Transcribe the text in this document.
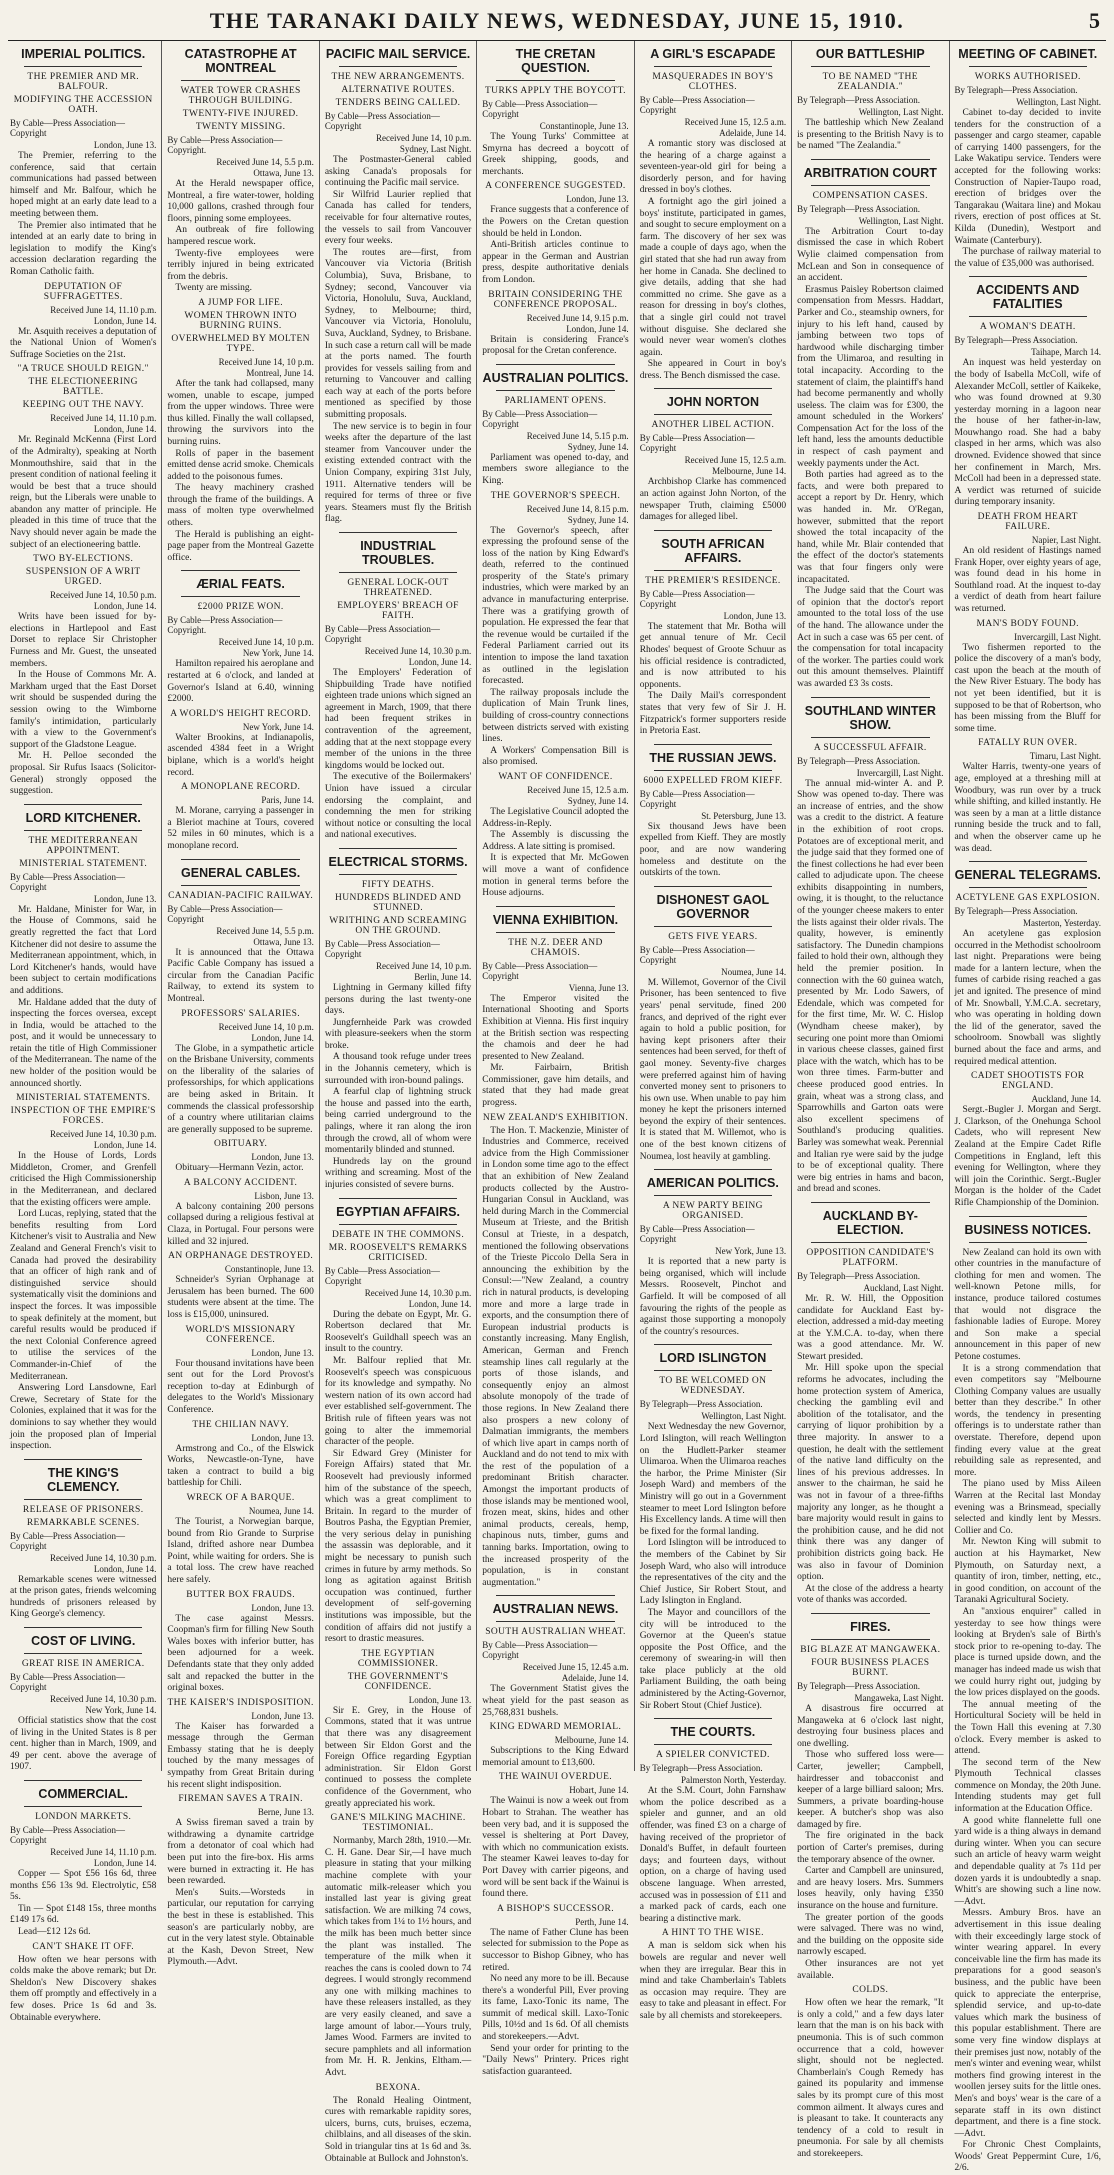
THE TARANAKI DAILY NEWS, WEDNESDAY, JUNE 15, 1910.	5
IMPERIAL POLITICS.
THE PREMIER AND MR. BALFOUR.
MODIFYING THE ACCESSION OATH.
By Cable—Press Association—Copyright
London, June 13.
The Premier, referring to the conference, said that certain communications had passed between himself and Mr. Balfour, which he hoped might at an early date lead to a meeting between them.
The Premier also intimated that he intended at an early date to bring in legislation to modify the King's accession declaration regarding the Roman Catholic faith.
DEPUTATION OF SUFFRAGETTES.
Received June 14, 11.10 p.m.
London, June 14.
Mr. Asquith receives a deputation of the National Union of Women's Suffrage Societies on the 21st.
"A TRUCE SHOULD REIGN."
THE ELECTIONEERING BATTLE.
KEEPING OUT THE NAVY.
Received June 14, 11.10 p.m.
London, June 14.
Mr. Reginald McKenna (First Lord of the Admiralty), speaking at North Monmouthshire, said that in the present condition of national feeling it would be best that a truce should reign, but the Liberals were unable to abandon any matter of principle. He pleaded in this time of truce that the Navy should never again be made the subject of an electioneering battle.
TWO BY-ELECTIONS.
SUSPENSION OF A WRIT URGED.
Received June 14, 10.50 p.m.
London, June 14.
Writs have been issued for by-elections in Hartlepool and East Dorset to replace Sir Christopher Furness and Mr. Guest, the unseated members.
In the House of Commons Mr. A. Markham urged that the East Dorset writ should be suspended during the session owing to the Wimborne family's intimidation, particularly with a view to the Government's support of the Gladstone League.
Mr. H. Pelloe seconded the proposal. Sir Rufus Isaacs (Solicitor-General) strongly opposed the suggestion.
LORD KITCHENER.
THE MEDITERRANEAN APPOINTMENT.
MINISTERIAL STATEMENT.
By Cable—Press Association—Copyright
London, June 13.
Mr. Haldane, Minister for War, in the House of Commons, said he greatly regretted the fact that Lord Kitchener did not desire to assume the Mediterranean appointment, which, in Lord Kitchener's hands, would have been subject to certain modifications and additions.
Mr. Haldane added that the duty of inspecting the forces oversea, except in India, would be attached to the post, and it would be unnecessary to retain the title of High Commissioner of the Mediterranean. The name of the new holder of the position would be announced shortly.
MINISTERIAL STATEMENTS.
INSPECTION OF THE EMPIRE'S FORCES.
Received June 14, 10.30 p.m.
London, June 14.
In the House of Lords, Lords Middleton, Cromer, and Grenfell criticised the High Commissionership in the Mediterranean, and declared that the existing officers were ample.
Lord Lucas, replying, stated that the benefits resulting from Lord Kitchener's visit to Australia and New Zealand and General French's visit to Canada had proved the desirability that an officer of high rank and of distinguished service should systematically visit the dominions and inspect the forces. It was impossible to speak definitely at the moment, but careful results would be produced if the next Colonial Conference agreed to utilise the services of the Commander-in-Chief of the Mediterranean.
Answering Lord Lansdowne, Earl Crewe, Secretary of State for the Colonies, explained that it was for the dominions to say whether they would join the proposed plan of Imperial inspection.
THE KING'S CLEMENCY.
RELEASE OF PRISONERS.
REMARKABLE SCENES.
By Cable—Press Association—Copyright
Received June 14, 10.30 p.m.
London, June 14.
Remarkable scenes were witnessed at the prison gates, friends welcoming hundreds of prisoners released by King George's clemency.
COST OF LIVING.
GREAT RISE IN AMERICA.
By Cable—Press Association—Copyright
Received June 14, 10.30 p.m.
New York, June 14.
Official statistics show that the cost of living in the United States is 8 per cent. higher than in March, 1909, and 49 per cent. above the average of 1907.
COMMERCIAL.
LONDON MARKETS.
By Cable—Press Association—Copyright
Received June 14, 11.10 p.m.
London, June 14.
Copper — Spot £56 16s 6d, three months £56 13s 9d. Electrolytic, £58 5s.
Tin — Spot £148 15s, three months £149 17s 6d.
Lead—£12 12s 6d.
CAN'T SHAKE IT OFF.
How often we hear persons with colds make the above remark; but Dr. Sheldon's New Discovery shakes them off promptly and effectively in a few doses. Price 1s 6d and 3s. Obtainable everywhere.
CATASTROPHE AT MONTREAL
WATER TOWER CRASHES THROUGH BUILDING.
TWENTY-FIVE INJURED.
TWENTY MISSING.
By Cable—Press Association—Copyright.
Received June 14, 5.5 p.m.
Ottawa, June 13.
At the Herald newspaper office, Montreal, a fire water-tower, holding 10,000 gallons, crashed through four floors, pinning some employees.
An outbreak of fire following hampered rescue work.
Twenty-five employees were terribly injured in being extricated from the debris.
Twenty are missing.
A JUMP FOR LIFE.
WOMEN THROWN INTO BURNING RUINS.
OVERWHELMED BY MOLTEN TYPE.
Received June 14, 10 p.m.
Montreal, June 14.
After the tank had collapsed, many women, unable to escape, jumped from the upper windows. Three were thus killed. Finally the wall collapsed, throwing the survivors into the burning ruins.
Rolls of paper in the basement emitted dense acrid smoke. Chemicals added to the poisonous fumes.
The heavy machinery crashed through the frame of the buildings. A mass of molten type overwhelmed others.
The Herald is publishing an eight-page paper from the Montreal Gazette office.
ÆRIAL FEATS.
£2000 PRIZE WON.
By Cable—Press Association—Copyright.
Received June 14, 10 p.m.
New York, June 14.
Hamilton repaired his aeroplane and restarted at 6 o'clock, and landed at Governor's Island at 6.40, winning £2000.
A WORLD'S HEIGHT RECORD.
New York, June 14.
Walter Brookins, at Indianapolis, ascended 4384 feet in a Wright biplane, which is a world's height record.
A MONOPLANE RECORD.
Paris, June 14.
M. Morane, carrying a passenger in a Bleriot machine at Tours, covered 52 miles in 60 minutes, which is a monoplane record.
GENERAL CABLES.
CANADIAN-PACIFIC RAILWAY.
By Cable—Press Association—Copyright
Received June 14, 5.5 p.m.
Ottawa, June 13.
It is announced that the Ottawa Pacific Cable Company has issued a circular from the Canadian Pacific Railway, to extend its system to Montreal.
PROFESSORS' SALARIES.
Received June 14, 10 p.m.
London, June 14.
The Globe, in a sympathetic article on the Brisbane University, comments on the liberality of the salaries of professorships, for which applications are being asked in Britain. It commends the classical professorship of a country where utilitarian claims are generally supposed to be supreme.
OBITUARY.
London, June 13.
Obituary—Hermann Vezin, actor.
A BALCONY ACCIDENT.
Lisbon, June 13.
A balcony containing 200 persons collapsed during a religious festival at Claza, in Portugal. Four persons were killed and 32 injured.
AN ORPHANAGE DESTROYED.
Constantinople, June 13.
Schneider's Syrian Orphanage at Jerusalem has been burned. The 600 students were absent at the time. The loss is £15,000, uninsured.
WORLD'S MISSIONARY CONFERENCE.
London, June 13.
Four thousand invitations have been sent out for the Lord Provost's reception to-day at Edinburgh of delegates to the World's Missionary Conference.
THE CHILIAN NAVY.
London, June 13.
Armstrong and Co., of the Elswick Works, Newcastle-on-Tyne, have taken a contract to build a big battleship for Chili.
WRECK OF A BARQUE.
Noumea, June 14.
The Tourist, a Norwegian barque, bound from Rio Grande to Surprise Island, drifted ashore near Dumbea Point, while waiting for orders. She is a total loss. The crew have reached here safely.
BUTTER BOX FRAUDS.
London, June 13.
The case against Messrs. Coopman's firm for filling New South Wales boxes with inferior butter, has been adjourned for a week. Defendants state that they only added salt and repacked the butter in the original boxes.
THE KAISER'S INDISPOSITION.
London, June 13.
The Kaiser has forwarded a message through the German Embassy stating that he is deeply touched by the many messages of sympathy from Great Britain during his recent slight indisposition.
FIREMAN SAVES A TRAIN.
Berne, June 13.
A Swiss fireman saved a train by withdrawing a dynamite cartridge from a detonator of coal which had been put into the fire-box. His arms were burned in extracting it. He has been rewarded.
Men's Suits.—Worsteds in particular, our reputation for carrying the best in these is established. This season's are particularly nobby, are cut in the very latest style. Obtainable at the Kash, Devon Street, New Plymouth.—Advt.
PACIFIC MAIL SERVICE.
THE NEW ARRANGEMENTS.
ALTERNATIVE ROUTES.
TENDERS BEING CALLED.
By Cable—Press Association—Copyright
Received June 14, 10 p.m.
Sydney, Last Night.
The Postmaster-General cabled asking Canada's proposals for continuing the Pacific mail service.
Sir Wilfrid Laurier replied that Canada has called for tenders, receivable for four alternative routes, the vessels to sail from Vancouver every four weeks.
The routes are—first, from Vancouver via Victoria (British Columbia), Suva, Brisbane, to Sydney; second, Vancouver via Victoria, Honolulu, Suva, Auckland, Sydney, to Melbourne; third, Vancouver via Victoria, Honolulu, Suva, Auckland, Sydney, to Brisbane. In such case a return call will be made at the ports named. The fourth provides for vessels sailing from and returning to Vancouver and calling each way at each of the ports before mentioned as specified by those submitting proposals.
The new service is to begin in four weeks after the departure of the last steamer from Vancouver under the existing extended contract with the Union Company, expiring 31st July, 1911. Alternative tenders will be required for terms of three or five years. Steamers must fly the British flag.
INDUSTRIAL TROUBLES.
GENERAL LOCK-OUT THREATENED.
EMPLOYERS' BREACH OF FAITH.
By Cable—Press Association—Copyright
Received June 14, 10.30 p.m.
London, June 14.
The Employers' Federation of Shipbuilding Trade have notified eighteen trade unions which signed an agreement in March, 1909, that there had been frequent strikes in contravention of the agreement, adding that at the next stoppage every member of the unions in the three kingdoms would be locked out.
The executive of the Boilermakers' Union have issued a circular endorsing the complaint, and condemning the men for striking without notice or consulting the local and national executives.
ELECTRICAL STORMS.
FIFTY DEATHS.
HUNDREDS BLINDED AND STUNNED.
WRITHING AND SCREAMING ON THE GROUND.
By Cable—Press Association—Copyright
Received June 14, 10 p.m.
Berlin, June 14.
Lightning in Germany killed fifty persons during the last twenty-one days.
Jungfernheide Park was crowded with pleasure-seekers when the storm broke.
A thousand took refuge under trees in the Johannis cemetery, which is surrounded with iron-bound palings.
A fearful clap of lightning struck the house and passed into the earth, being carried underground to the palings, where it ran along the iron through the crowd, all of whom were momentarily blinded and stunned.
Hundreds lay on the ground writhing and screaming. Most of the injuries consisted of severe burns.
EGYPTIAN AFFAIRS.
DEBATE IN THE COMMONS.
MR. ROOSEVELT'S REMARKS CRITICISED.
By Cable—Press Association—Copyright
Received June 14, 10.30 p.m.
London, June 14.
During the debate on Egypt, Mr. G. Robertson declared that Mr. Roosevelt's Guildhall speech was an insult to the country.
Mr. Balfour replied that Mr. Roosevelt's speech was conspicuous for its knowledge and sympathy. No western nation of its own accord had ever established self-government. The British rule of fifteen years was not going to alter the immemorial character of the people.
Sir Edward Grey (Minister for Foreign Affairs) stated that Mr. Roosevelt had previously informed him of the substance of the speech, which was a great compliment to Britain. In regard to the murder of Boutros Pasha, the Egyptian Premier, the very serious delay in punishing the assassin was deplorable, and it might be necessary to punish such crimes in future by army methods. So long as agitation against British occupation was continued, further development of self-governing institutions was impossible, but the condition of affairs did not justify a resort to drastic measures.
THE EGYPTIAN COMMISSIONER.
THE GOVERNMENT'S CONFIDENCE.
London, June 13.
Sir E. Grey, in the House of Commons, stated that it was untrue that there was any disagreement between Sir Eldon Gorst and the Foreign Office regarding Egyptian administration. Sir Eldon Gorst continued to possess the complete confidence of the Government, who greatly appreciated his work.
GANE'S MILKING MACHINE. TESTIMONIAL.
Normanby, March 28th, 1910.—Mr. C. H. Gane. Dear Sir,—I have much pleasure in stating that your milking machine complete with your automatic milk-releaser which you installed last year is giving great satisfaction. We are milking 74 cows, which takes from 1¼ to 1½ hours, and the milk has been much better since the plant was installed. The temperature of the milk when it reaches the cans is cooled down to 74 degrees. I would strongly recommend any one with milking machines to have these releasers installed, as they are very easily cleaned, and save a large amount of labor.—Yours truly, James Wood. Farmers are invited to secure pamphlets and all information from Mr. H. R. Jenkins, Eltham.—Advt.
BEXONA.
The Ronald Healing Ointment, cures with remarkable rapidity sores, ulcers, burns, cuts, bruises, eczema, chilblains, and all diseases of the skin. Sold in triangular tins at 1s 6d and 3s. Obtainable at Bullock and Johnston's.
THE CRETAN QUESTION.
TURKS APPLY THE BOYCOTT.
By Cable—Press Association—Copyright
Constantinople, June 13.
The Young Turks' Committee at Smyrna has decreed a boycott of Greek shipping, goods, and merchants.
A CONFERENCE SUGGESTED.
London, June 13.
France suggests that a conference of the Powers on the Cretan question should be held in London.
Anti-British articles continue to appear in the German and Austrian press, despite authoritative denials from London.
BRITAIN CONSIDERING THE CONFERENCE PROPOSAL.
Received June 14, 9.15 p.m.
London, June 14.
Britain is considering France's proposal for the Cretan conference.
AUSTRALIAN POLITICS.
PARLIAMENT OPENS.
By Cable—Press Association—Copyright
Received June 14, 5.15 p.m.
Sydney, June 14.
Parliament was opened to-day, and members swore allegiance to the King.
THE GOVERNOR'S SPEECH.
Received June 14, 8.15 p.m.
Sydney, June 14.
The Governor's speech, after expressing the profound sense of the loss of the nation by King Edward's death, referred to the continued prosperity of the State's primary industries, which were marked by an advance in manufacturing enterprise. There was a gratifying growth of population. He expressed the fear that the revenue would be curtailed if the Federal Parliament carried out its intention to impose the land taxation as outlined in the legislation forecasted.
The railway proposals include the duplication of Main Trunk lines, building of cross-country connections between districts served with existing lines.
A Workers' Compensation Bill is also promised.
WANT OF CONFIDENCE.
Received June 15, 12.5 a.m.
Sydney, June 14.
The Legislative Council adopted the Address-in-Reply.
The Assembly is discussing the Address. A late sitting is promised.
It is expected that Mr. McGowen will move a want of confidence motion in general terms before the House adjourns.
VIENNA EXHIBITION.
THE N.Z. DEER AND CHAMOIS.
By Cable—Press Association—Copyright
Vienna, June 13.
The Emperor visited the International Shooting and Sports Exhibition at Vienna. His first inquiry at the British section was respecting the chamois and deer he had presented to New Zealand.
Mr. Fairbairn, British Commissioner, gave him details, and stated that they had made great progress.
NEW ZEALAND'S EXHIBITION.
The Hon. T. Mackenzie, Minister of Industries and Commerce, received advice from the High Commissioner in London some time ago to the effect that an exhibition of New Zealand products collected by the Austro-Hungarian Consul in Auckland, was held during March in the Commercial Museum at Trieste, and the British Consul at Trieste, in a despatch, mentioned the following observations of the Trieste Piccolo Della Sera in announcing the exhibition by the Consul:—"New Zealand, a country rich in natural products, is developing more and more a large trade in exports, and the consumption there of European industrial products is constantly increasing. Many English, American, German and French steamship lines call regularly at the ports of those islands, and consequently enjoy an almost absolute monopoly of the trade of those regions. In New Zealand there also prospers a new colony of Dalmatian immigrants, the members of which live apart in camps north of Auckland and do not tend to mix with the rest of the population of a predominant British character. Amongst the important products of those islands may be mentioned wool, frozen meat, skins, hides and other animal products, cereals, hemp, chapinous nuts, timber, gums and tanning barks. Importation, owing to the increased prosperity of the population, is in constant augmentation."
AUSTRALIAN NEWS.
SOUTH AUSTRALIAN WHEAT.
By Cable—Press Association—Copyright
Received June 15, 12.45 a.m.
Adelaide, June 14.
The Government Statist gives the wheat yield for the past season as 25,768,831 bushels.
KING EDWARD MEMORIAL.
Melbourne, June 14.
Subscriptions to the King Edward memorial amount to £13,600.
THE WAINUI OVERDUE.
Hobart, June 14.
The Wainui is now a week out from Hobart to Strahan. The weather has been very bad, and it is supposed the vessel is sheltering at Port Davey, with which no communication exists. The steamer Kawei leaves to-day for Port Davey with carrier pigeons, and word will be sent back if the Wainui is found there.
A BISHOP'S SUCCESSOR.
Perth, June 14.
The name of Father Clune has been selected for submission to the Pope as successor to Bishop Gibney, who has retired.
No need any more to be ill. Because there's a wonderful Pill, Ever proving its fame, Laxo-Tonic its name, The summit of medical skill. Laxo-Tonic Pills, 10½d and 1s 6d. Of all chemists and storekeepers.—Advt.
Send your order for printing to the "Daily News" Printery. Prices right satisfaction guaranteed.
A GIRL'S ESCAPADE
MASQUERADES IN BOY'S CLOTHES.
By Cable—Press Association—Copyright
Received June 15, 12.5 a.m.
Adelaide, June 14.
A romantic story was disclosed at the hearing of a charge against a seventeen-year-old girl for being a disorderly person, and for having dressed in boy's clothes.
A fortnight ago the girl joined a boys' institute, participated in games, and sought to secure employment on a farm. The discovery of her sex was made a couple of days ago, when the girl stated that she had run away from her home in Canada. She declined to give details, adding that she had committed no crime. She gave as a reason for dressing in boy's clothes, that a single girl could not travel without disguise. She declared she would never wear women's clothes again.
She appeared in Court in boy's dress. The Bench dismissed the case.
JOHN NORTON
ANOTHER LIBEL ACTION.
By Cable—Press Association—Copyright
Received June 15, 12.5 a.m.
Melbourne, June 14.
Archbishop Clarke has commenced an action against John Norton, of the newspaper Truth, claiming £5000 damages for alleged libel.
SOUTH AFRICAN AFFAIRS.
THE PREMIER'S RESIDENCE.
By Cable—Press Association—Copyright
London, June 13.
The statement that Mr. Botha will get annual tenure of Mr. Cecil Rhodes' bequest of Groote Schuur as his official residence is contradicted, and is now attributed to his opponents.
The Daily Mail's correspondent states that very few of Sir J. H. Fitzpatrick's former supporters reside in Pretoria East.
THE RUSSIAN JEWS.
6000 EXPELLED FROM KIEFF.
By Cable—Press Association—Copyright
St. Petersburg, June 13.
Six thousand Jews have been expelled from Kieff. They are mostly poor, and are now wandering homeless and destitute on the outskirts of the town.
DISHONEST GAOL GOVERNOR
GETS FIVE YEARS.
By Cable—Press Association—Copyright
Noumea, June 14.
M. Willemot, Governor of the Civil Prisoner, has been sentenced to five years' penal servitude, fined 200 francs, and deprived of the right ever again to hold a public position, for having kept prisoners after their sentences had been served, for theft of gaol money. Seventy-five charges were preferred against him of having converted money sent to prisoners to his own use. When unable to pay him money he kept the prisoners interned beyond the expiry of their sentences. It is stated that M. Willemot, who is one of the best known citizens of Noumea, lost heavily at gambling.
AMERICAN POLITICS.
A NEW PARTY BEING ORGANISED.
By Cable—Press Association—Copyright
New York, June 13.
It is reported that a new party is being organised, which will include Messrs. Roosevelt, Pinchot and Garfield. It will be composed of all favouring the rights of the people as against those supporting a monopoly of the country's resources.
LORD ISLINGTON
TO BE WELCOMED ON WEDNESDAY.
By Telegraph—Press Association.
Wellington, Last Night.
Next Wednesday the new Governor, Lord Islington, will reach Wellington on the Hudlett-Parker steamer Ulimaroa. When the Ulimaroa reaches the harbor, the Prime Minister (Sir Joseph Ward) and members of the Ministry will go out in a Government steamer to meet Lord Islington before His Excellency lands. A time will then be fixed for the formal landing.
Lord Islington will be introduced to the members of the Cabinet by Sir Joseph Ward, who also will introduce the representatives of the city and the Chief Justice, Sir Robert Stout, and Lady Islington in England.
The Mayor and councillors of the city will be introduced to the Governor at the Queen's statue opposite the Post Office, and the ceremony of swearing-in will then take place publicly at the old Parliament Building, the oath being administered by the Acting-Governor, Sir Robert Stout (Chief Justice).
THE COURTS.
A SPIELER CONVICTED.
By Telegraph—Press Association.
Palmerston North, Yesterday.
At the S.M. Court, John Farnshaw whom the police described as a spieler and gunner, and an old offender, was fined £3 on a charge of having received of the proprietor of Donald's Buffet, in default fourteen days; and fourteen days, without option, on a charge of having used obscene language. When arrested, accused was in possession of £11 and a marked pack of cards, each one bearing a distinctive mark.
A HINT TO THE WISE.
A man is seldom sick when his bowels are regular and never well when they are irregular. Bear this in mind and take Chamberlain's Tablets as occasion may require. They are easy to take and pleasant in effect. For sale by all chemists and storekeepers.
OUR BATTLESHIP
TO BE NAMED "THE ZEALANDIA."
By Telegraph—Press Association.
Wellington, Last Night.
The battleship which New Zealand is presenting to the British Navy is to be named "The Zealandia."
ARBITRATION COURT
COMPENSATION CASES.
By Telegraph—Press Association.
Wellington, Last Night.
The Arbitration Court to-day dismissed the case in which Robert Wylie claimed compensation from McLean and Son in consequence of an accident.
Erasmus Paisley Robertson claimed compensation from Messrs. Haddart, Parker and Co., steamship owners, for injury to his left hand, caused by jambing between two tops of hardwood while discharging timber from the Ulimaroa, and resulting in total incapacity. According to the statement of claim, the plaintiff's hand had become permanently and wholly useless. The claim was for £300, the amount scheduled in the Workers' Compensation Act for the loss of the left hand, less the amounts deductible in respect of cash payment and weekly payments under the Act.
Both parties had agreed as to the facts, and were both prepared to accept a report by Dr. Henry, which was handed in. Mr. O'Regan, however, submitted that the report showed the total incapacity of the hand, while Mr. Blair contended that the effect of the doctor's statements was that four fingers only were incapacitated.
The Judge said that the Court was of opinion that the doctor's report amounted to the total loss of the use of the hand. The allowance under the Act in such a case was 65 per cent. of the compensation for total incapacity of the worker. The parties could work out this amount themselves. Plaintiff was awarded £3 3s costs.
SOUTHLAND WINTER SHOW.
A SUCCESSFUL AFFAIR.
By Telegraph—Press Association.
Invercargill, Last Night.
The annual mid-winter A. and P. Show was opened to-day. There was an increase of entries, and the show was a credit to the district. A feature in the exhibition of root crops. Potatoes are of exceptional merit, and the judge said that they formed one of the finest collections he had ever been called to adjudicate upon. The cheese exhibits disappointing in numbers, owing, it is thought, to the reluctance of the younger cheese makers to enter the lists against their older rivals. The quality, however, is eminently satisfactory. The Dunedin champions failed to hold their own, although they held the premier position. In connection with the 60 guinea watch, presented by Mr. Lodo Sawers, of Edendale, which was competed for for the first time, Mr. W. C. Hislop (Wyndham cheese maker), by securing one point more than Omiomi in various cheese classes, gained first place with the watch, which has to be won three times. Farm-butter and cheese produced good entries. In grain, wheat was a strong class, and Sparrowhills and Garton oats were also excellent specimens of Southland's producing qualities. Barley was somewhat weak. Perennial and Italian rye were said by the judge to be of exceptional quality. There were big entries in hams and bacon, and bread and scones.
AUCKLAND BY-ELECTION.
OPPOSITION CANDIDATE'S PLATFORM.
By Telegraph—Press Association.
Auckland, Last Night.
Mr. R. W. Hill, the Opposition candidate for Auckland East by-election, addressed a mid-day meeting at the Y.M.C.A. to-day, when there was a good attendance. Mr. W. Stewart presided.
Mr. Hill spoke upon the special reforms he advocates, including the home protection system of America, checking the gambling evil and abolition of the totalisator, and the carrying of liquor prohibition by a three majority. In answer to a question, he dealt with the settlement of the native land difficulty on the lines of his previous addresses. In answer to the chairman, he said he was not in favour of a three-fifths majority any longer, as he thought a bare majority would result in gains to the prohibition cause, and he did not think there was any danger of prohibition districts going back. He was also in favour of Dominion option.
At the close of the address a hearty vote of thanks was accorded.
FIRES.
BIG BLAZE AT MANGAWEKA.
FOUR BUSINESS PLACES BURNT.
By Telegraph—Press Association.
Mangaweka, Last Night.
A disastrous fire occurred at Mangaweka at 6 o'clock last night, destroying four business places and one dwelling.
Those who suffered loss were—Carter, jeweller; Campbell, hairdresser and tobacconist and keeper of a large billiard saloon; Mrs. Summers, a private boarding-house keeper. A butcher's shop was also damaged by fire.
The fire originated in the back portion of Carter's premises, during the temporary absence of the owner.
Carter and Campbell are uninsured, and are heavy losers. Mrs. Summers loses heavily, only having £350 insurance on the house and furniture.
The greater portion of the goods were salvaged. There was no wind, and the building on the opposite side narrowly escaped.
Other insurances are not yet available.
COLDS.
How often we hear the remark, "It is only a cold," and a few days later learn that the man is on his back with pneumonia. This is of such common occurrence that a cold, however slight, should not be neglected. Chamberlain's Cough Remedy has gained its popularity and immense sales by its prompt cure of this most common ailment. It always cures and is pleasant to take. It counteracts any tendency of a cold to result in pneumonia. For sale by all chemists and storekeepers.
MEETING OF CABINET.
WORKS AUTHORISED.
By Telegraph—Press Association.
Wellington, Last Night.
Cabinet to-day decided to invite tenders for the construction of a passenger and cargo steamer, capable of carrying 1400 passengers, for the Lake Wakatipu service. Tenders were accepted for the following works: Construction of Napier-Taupo road, erection of bridges over the Tangarakau (Waitara line) and Mokau rivers, erection of post offices at St. Kilda (Dunedin), Westport and Waimate (Canterbury).
The purchase of railway material to the value of £35,000 was authorised.
ACCIDENTS AND FATALITIES
A WOMAN'S DEATH.
By Telegraph—Press Association.
Taihape, March 14.
An inquest was held yesterday on the body of Isabella McColl, wife of Alexander McColl, settler of Kaikeke, who was found drowned at 9.30 yesterday morning in a lagoon near the house of her father-in-law, Mouwhango road. She had a baby clasped in her arms, which was also drowned. Evidence showed that since her confinement in March, Mrs. McColl had been in a depressed state. A verdict was returned of suicide during temporary insanity.
DEATH FROM HEART FAILURE.
Napier, Last Night.
An old resident of Hastings named Frank Hoper, over eighty years of age, was found dead in his home in Southland road. At the inquest to-day a verdict of death from heart failure was returned.
MAN'S BODY FOUND.
Invercargill, Last Night.
Two fishermen reported to the police the discovery of a man's body, cast upon the beach at the mouth of the New River Estuary. The body has not yet been identified, but it is supposed to be that of Robertson, who has been missing from the Bluff for some time.
FATALLY RUN OVER.
Timaru, Last Night.
Walter Harris, twenty-one years of age, employed at a threshing mill at Woodbury, was run over by a truck while shifting, and killed instantly. He was seen by a man at a little distance running beside the truck and to fall, and when the observer came up he was dead.
GENERAL TELEGRAMS.
ACETYLENE GAS EXPLOSION.
By Telegraph—Press Association.
Masterton, Yesterday.
An acetylene gas explosion occurred in the Methodist schoolroom last night. Preparations were being made for a lantern lecture, when the fumes of carbide rising reached a gas jet and ignited. The presence of mind of Mr. Snowball, Y.M.C.A. secretary, who was operating in holding down the lid of the generator, saved the schoolroom. Snowball was slightly burned about the face and arms, and required medical attention.
CADET SHOOTISTS FOR ENGLAND.
Auckland, June 14.
Sergt.-Bugler J. Morgan and Sergt. J. Clarkson, of the Onehunga School Cadets, who will represent New Zealand at the Empire Cadet Rifle Competitions in England, left this evening for Wellington, where they will join the Corinthic. Sergt.-Bugler Morgan is the holder of the Cadet Rifle Championship of the Dominion.
BUSINESS NOTICES.
New Zealand can hold its own with other countries in the manufacture of clothing for men and women. The well-known Petone mills, for instance, produce tailored costumes that would not disgrace the fashionable ladies of Europe. Morey and Son make a special announcement in this paper of new Petone costumes.
It is a strong commendation that even competitors say "Melbourne Clothing Company values are usually better than they describe." In other words, the tendency in presenting offerings is to understate rather than overstate. Therefore, depend upon finding every value at the great rebuilding sale as represented, and more.
The piano used by Miss Aileen Warren at the Recital last Monday evening was a Brinsmead, specially selected and kindly lent by Messrs. Collier and Co.
Mr. Newton King will submit to auction at his Haymarket, New Plymouth, on Saturday next, a quantity of iron, timber, netting, etc., in good condition, on account of the Taranaki Agricultural Society.
An "anxious enquirer" called in yesterday to see how things were looking at Bryden's sale of Birth's stock prior to re-opening to-day. The place is turned upside down, and the manager has indeed made us wish that we could hurry right out, judging by the low prices displayed on the goods.
The annual meeting of the Horticultural Society will be held in the Town Hall this evening at 7.30 o'clock. Every member is asked to attend.
The second term of the New Plymouth Technical classes commence on Monday, the 20th June. Intending students may get full information at the Education Office.
A good white flannelette full one yard wide is a thing always in demand during winter. When you can secure such an article of heavy warm weight and dependable quality at 7s 11d per dozen yards it is undoubtedly a snap. Whitt's are showing such a line now.—Advt.
Messrs. Ambury Bros. have an advertisement in this issue dealing with their exceedingly large stock of winter wearing apparel. In every conceivable line the firm has made its preparations for a good season's business, and the public have been quick to appreciate the enterprise, splendid service, and up-to-date values which mark the business of this popular establishment. There are some very fine window displays at their premises just now, notably of the men's winter and evening wear, whilst mothers find growing interest in the woollen jersey suits for the little ones. Men's and boys' wear is the care of a separate staff in its own distinct department, and there is a fine stock.—Advt.
For Chronic Chest Complaints, Woods' Great Peppermint Cure, 1/6, 2/6.
